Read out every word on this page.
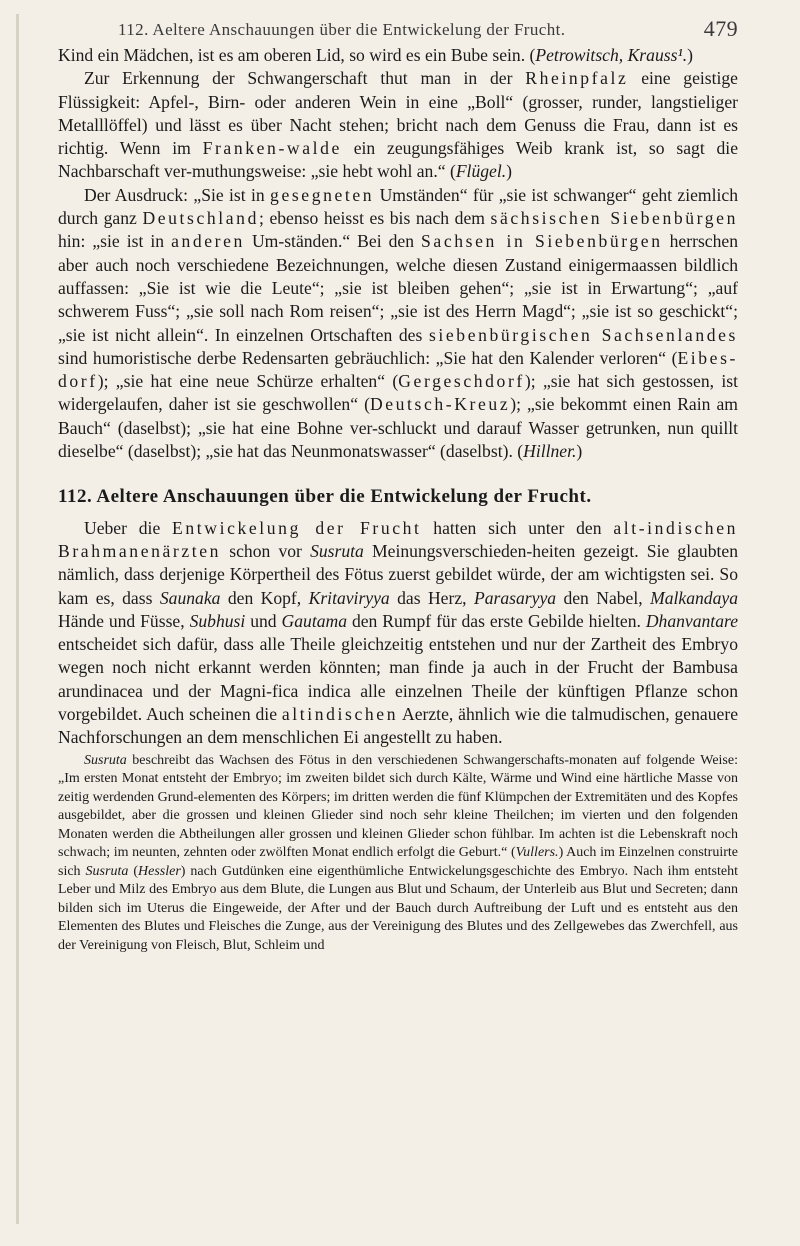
112. Aeltere Anschauungen über die Entwickelung der Frucht.	479

Kind ein Mädchen, ist es am oberen Lid, so wird es ein Bube sein. (Petrowitsch, Krauss¹.)

Zur Erkennung der Schwangerschaft thut man in der Rheinpfalz eine geistige Flüssigkeit: Apfel-, Birn- oder anderen Wein in eine „Boll“ (grosser, runder, langstieliger Metalllöffel) und lässt es über Nacht stehen; bricht nach dem Genuss die Frau, dann ist es richtig. Wenn im Franken-walde ein zeugungsfähiges Weib krank ist, so sagt die Nachbarschaft ver-muthungsweise: „sie hebt wohl an.“ (Flügel.)

Der Ausdruck: „Sie ist in gesegneten Umständen“ für „sie ist schwanger“ geht ziemlich durch ganz Deutschland; ebenso heisst es bis nach dem sächsischen Siebenbürgen hin: „sie ist in anderen Um-ständen.“ Bei den Sachsen in Siebenbürgen herrschen aber auch noch verschiedene Bezeichnungen, welche diesen Zustand einigermaassen bildlich auffassen: „Sie ist wie die Leute“; „sie ist bleiben gehen“; „sie ist in Erwartung“; „auf schwerem Fuss“; „sie soll nach Rom reisen“; „sie ist des Herrn Magd“; „sie ist so geschickt“; „sie ist nicht allein“. In einzelnen Ortschaften des siebenbürgischen Sachsenlandes sind humoristische derbe Redensarten gebräuchlich: „Sie hat den Kalender verloren“ (Eibes-dorf); „sie hat eine neue Schürze erhalten“ (Gergeschdorf); „sie hat sich gestossen, ist widergelaufen, daher ist sie geschwollen“ (Deutsch-Kreuz); „sie bekommt einen Rain am Bauch“ (daselbst); „sie hat eine Bohne ver-schluckt und darauf Wasser getrunken, nun quillt dieselbe“ (daselbst); „sie hat das Neunmonatswasser“ (daselbst). (Hillner.)

112. Aeltere Anschauungen über die Entwickelung der Frucht.

Ueber die Entwickelung der Frucht hatten sich unter den alt-indischen Brahmanenärzten schon vor Susruta Meinungsverschieden-heiten gezeigt. Sie glaubten nämlich, dass derjenige Körpertheil des Fötus zuerst gebildet würde, der am wichtigsten sei. So kam es, dass Saunaka den Kopf, Kritaviryya das Herz, Parasaryya den Nabel, Malkandaya Hände und Füsse, Subhusi und Gautama den Rumpf für das erste Gebilde hielten. Dhanvantare entscheidet sich dafür, dass alle Theile gleichzeitig entstehen und nur der Zartheit des Embryo wegen noch nicht erkannt werden könnten; man finde ja auch in der Frucht der Bambusa arundinacea und der Magni-fica indica alle einzelnen Theile der künftigen Pflanze schon vorgebildet. Auch scheinen die altindischen Aerzte, ähnlich wie die talmudischen, genauere Nachforschungen an dem menschlichen Ei angestellt zu haben.

Susruta beschreibt das Wachsen des Fötus in den verschiedenen Schwangerschafts-monaten auf folgende Weise: „Im ersten Monat entsteht der Embryo; im zweiten bildet sich durch Kälte, Wärme und Wind eine härtliche Masse von zeitig werdenden Grund-elementen des Körpers; im dritten werden die fünf Klümpchen der Extremitäten und des Kopfes ausgebildet, aber die grossen und kleinen Glieder sind noch sehr kleine Theilchen; im vierten und den folgenden Monaten werden die Abtheilungen aller grossen und kleinen Glieder schon fühlbar. Im achten ist die Lebenskraft noch schwach; im neunten, zehnten oder zwölften Monat endlich erfolgt die Geburt.“ (Vullers.) Auch im Einzelnen construirte sich Susruta (Hessler) nach Gutdünken eine eigenthümliche Entwickelungsgeschichte des Embryo. Nach ihm entsteht Leber und Milz des Embryo aus dem Blute, die Lungen aus Blut und Schaum, der Unterleib aus Blut und Secreten; dann bilden sich im Uterus die Eingeweide, der After und der Bauch durch Auftreibung der Luft und es entsteht aus den Elementen des Blutes und Fleisches die Zunge, aus der Vereinigung des Blutes und des Zellgewebes das Zwerchfell, aus der Vereinigung von Fleisch, Blut, Schleim und
